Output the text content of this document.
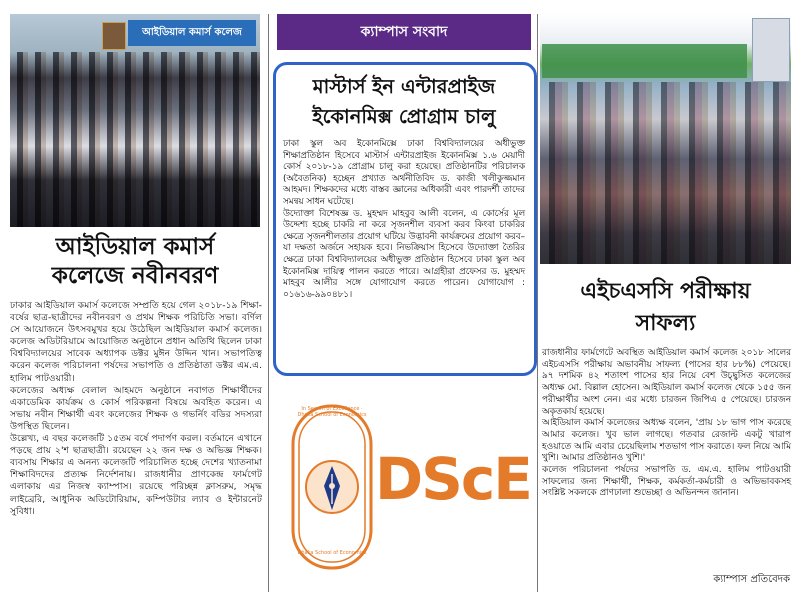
আইডিয়াল কমার্স কলেজ
আইডিয়াল কমার্স
কলেজে নবীনবরণ

ঢাকার আইডিয়াল কমার্স কলেজে সম্প্রতি হয়ে গেল ২০১৮-১৯ শিক্ষা-বর্ষের ছাত্র-ছাত্রীদের নবীনবরণ ও প্রথম শিক্ষক পরিচিতি সভা। বর্ণিল সে আয়োজনে উৎসবমুখর হয়ে উঠেছিল আইডিয়াল কমার্স কলেজ। কলেজ অডিটরিয়ামে আয়োজিত অনুষ্ঠানে প্রধান অতিথি ছিলেন ঢাকা বিশ্ববিদ্যালয়ের সাবেক অধ্যাপক ডক্টর মুঈন উদ্দিন খান। সভাপতিত্ব করেন কলেজ পরিচালনা পর্ষদের সভাপতি ও প্রতিষ্ঠাতা ডক্টর এম.এ. হালিম পাটওয়ারী।

কলেজের অধ্যক্ষ বেলাল আহমদে অনুষ্ঠানে নবাগত শিক্ষার্থীদের একাডেমিক কার্যক্রম ও কোর্স পরিকল্পনা বিষয়ে অবহিত করেন। এ সভায় নবীন শিক্ষার্থী এবং কলেজের শিক্ষক ও গভর্নিং বডির সদস্যরা উপস্থিত ছিলেন।

উল্লেখ্য, এ বছর কলেজটি ১৫তম বর্ষে পদার্পণ করল। বর্তমানে এখানে পড়ছে প্রায় ২'শ ছাত্রছাত্রী। রয়েছেন ২২ জন দক্ষ ও অভিজ্ঞ শিক্ষক। ব্যবসায় শিক্ষার এ অনন্য কলেজটি পরিচালিত হচ্ছে দেশের খ্যাতনামা শিক্ষাবিদদের প্রত্যক্ষ নির্দেশনায়। রাজধানীর প্রাণকেন্দ্র ফার্মগেট এলাকায় এর নিজস্ব ক্যাম্পাস। রয়েছে পরিচ্ছন্ন ক্লাসরুম, সমৃদ্ধ লাইব্রেরি, আধুনিক অডিটোরিয়াম, কম্পিউটার ল্যাব ও ইন্টারনেট সুবিধা।

ক্যাম্পাস সংবাদ
মাস্টার্স ইন এন্টারপ্রাইজ
ইকোনমিক্স প্রোগ্রাম চালু

ঢাকা স্কুল অব ইকোনমিক্সে ঢাকা বিশ্ববিদ্যালয়ের অধীভুক্ত শিক্ষাপ্রতিষ্ঠান হিসেবে মাস্টার্স এন্টারপ্রাইজ ইকোনমিক্স ১.৬ মেয়াদী কোর্স ২০১৮-১৯ প্রোগ্রাম চালু করা হয়েছে। প্রতিষ্ঠানটির পরিচালক (অবৈতনিক) হচ্ছেন প্রখ্যাত অর্থনীতিবিদ ড. কাজী খলীকুজ্জমান আহমদ। শিক্ষকদের মধ্যে বাস্তব জ্ঞানের অধিকারী এবং পারদর্শী তাদের সমন্বয় সাধন ঘটেছে।

উদ্যোক্তা বিশেষজ্ঞ ড. মুহম্মদ মাহবুব আলী বলেন, এ কোর্সের মূল উদ্দেশ্য হচ্ছে চাকরি না করে সৃজনশীল ব্যবসা করব কিংবা চাকরির ক্ষেত্রে সৃজনশীলতার প্রয়োগ ঘটিয়ে উদ্ভাবনী কার্যক্রমের প্রয়োগ করব– যা দক্ষতা অর্জনে সহায়ক হবে। নিভক্রিয়াস হিসেবে উদ্যোক্তা তৈরির ক্ষেত্রে ঢাকা বিশ্ববিদ্যালয়ের অধীভুক্ত প্রতিষ্ঠান হিসেবে ঢাকা স্কুল অব ইকোনমিক্স দায়িত্ব পালন করতে পারে। আগ্রহীরা প্রফেসর ড. মুহম্মদ মাহবুব আলীর সঙ্গে যোগাযোগ করতে পারেন। যোগাযোগ : ০১৬১৬-৯৯০৪৮১।

In Search of Excellence · Dhaka School of Economics
Dhaka School of Economics
DScE
এইচএসসি পরীক্ষায়
সাফল্য

রাজধানীর ফার্মগেটে অবস্থিত আইডিয়াল কমার্স কলেজ ২০১৮ সালের এইচএসসি পরীক্ষায় অভাবনীয় সাফল্য (পাসের হার ৮৮%) পেয়েছে। ৯৭ দশমিক ৪২ শতাংশ পাসের হার নিয়ে বেশ উচ্ছ্বসিত কলেজের অধ্যক্ষ মো. বিল্লাল হোসেন। আইডিয়াল কমার্স কলেজ থেকে ১৫৫ জন পরীক্ষার্থীর অংশ নেন। এর মধ্যে চারজন জিপিএ ৫ পেয়েছে। চারজন অকৃতকার্য হয়েছে।

আইডিয়াল কমার্স কলেজের অধ্যক্ষ বলেন, 'প্রায় ১৮ ভাগ পাস করেছে আমার কলেজ। খুব ভাল লাগছে। গতবার রেজাল্ট একটু খারাপ হওয়াতে আমি এবার চেয়েছিলাম শতভাগ পাস করাতে। ফল নিয়ে আমি খুশি। আমার প্রতিষ্ঠানও খুশি।'

কলেজ পরিচালনা পর্ষদের সভাপতি ড. এম.এ. হালিম পাটওয়ারী সাফল্যের জন্য শিক্ষার্থী, শিক্ষক, কর্মকর্তা-কর্মচারী ও অভিভাবকসহ সংশ্লিষ্ট সকলকে প্রাণঢালা শুভেচ্ছা ও অভিনন্দন জানান।

ক্যাম্পাস প্রতিবেদক
